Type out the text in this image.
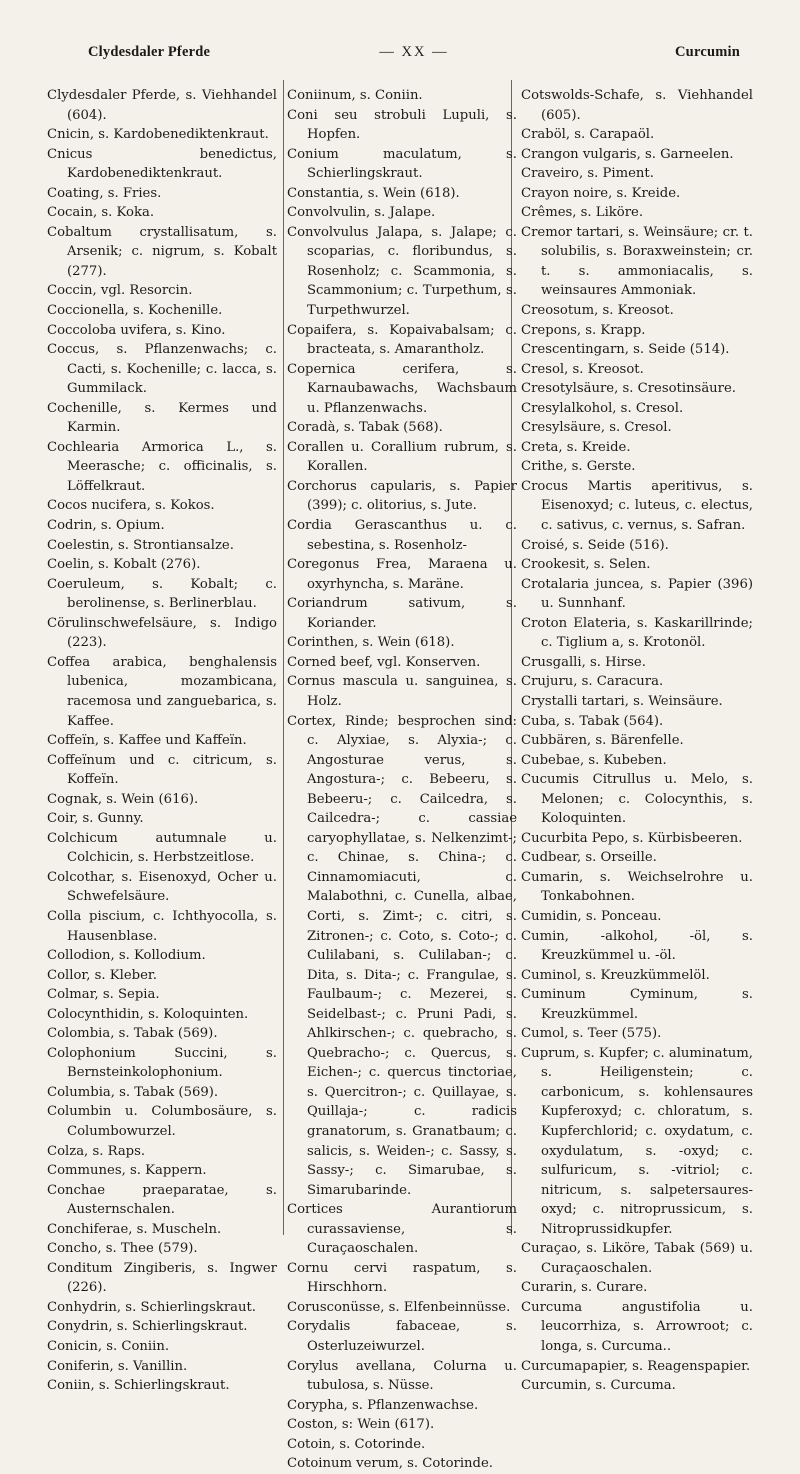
Clydesdaler Pferde	— XX —	Curcumin

Clydesdaler Pferde, s. Viehhandel (604).

Cnicin, s. Kardobenediktenkraut.

Cnicus benedictus, Kardobenediktenkraut.

Coating, s. Fries.

Cocain, s. Koka.

Cobaltum crystallisatum, s. Arsenik; c. nigrum, s. Kobalt (277).

Coccin, vgl. Resorcin.

Coccionella, s. Kochenille.

Coccoloba uvifera, s. Kino.

Coccus, s. Pflanzenwachs; c. Cacti, s. Kochenille; c. lacca, s. Gummilack.

Cochenille, s. Kermes und Karmin.

Cochlearia Armorica L., s. Meerasche; c. officinalis, s. Löffelkraut.

Cocos nucifera, s. Kokos.

Codrin, s. Opium.

Coelestin, s. Strontiansalze.

Coelin, s. Kobalt (276).

Coeruleum, s. Kobalt; c. berolinense, s. Berlinerblau.

Cörulinschwefelsäure, s. Indigo (223).

Coffea arabica, benghalensis lubenica, mozambicana, racemosa und zanguebarica, s. Kaffee.

Coffeïn, s. Kaffee und Kaffeïn.

Coffeïnum und c. citricum, s. Koffeïn.

Cognak, s. Wein (616).

Coir, s. Gunny.

Colchicum autumnale u. Colchicin, s. Herbstzeitlose.

Colcothar, s. Eisenoxyd, Ocher u. Schwefelsäure.

Colla piscium, c. Ichthyocolla, s. Hausenblase.

Collodion, s. Kollodium.

Collor, s. Kleber.

Colmar, s. Sepia.

Colocynthidin, s. Koloquinten.

Colombia, s. Tabak (569).

Colophonium Succini, s. Bernsteinkolophonium.

Columbia, s. Tabak (569).

Columbin u. Columbosäure, s. Columbowurzel.

Colza, s. Raps.

Communes, s. Kappern.

Conchae praeparatae, s. Austernschalen.

Conchiferae, s. Muscheln.

Concho, s. Thee (579).

Conditum Zingiberis, s. Ingwer (226).

Conhydrin, s. Schierlingskraut.

Conydrin, s. Schierlingskraut.

Conicin, s. Coniin.

Coniferin, s. Vanillin.

Coniin, s. Schierlingskraut.

Coniinum, s. Coniin.

Coni seu strobuli Lupuli, s. Hopfen.

Conium maculatum, s. Schierlingskraut.

Constantia, s. Wein (618).

Convolvulin, s. Jalape.

Convolvulus Jalapa, s. Jalape; c. scoparias, c. floribundus, s. Rosenholz; c. Scammonia, s. Scammonium; c. Turpethum, s. Turpethwurzel.

Copaifera, s. Kopaivabalsam; c. bracteata, s. Amarantholz.

Copernica cerifera, s. Karnaubawachs, Wachsbaum u. Pflanzenwachs.

Coradà, s. Tabak (568).

Corallen u. Corallium rubrum, s. Korallen.

Corchorus capularis, s. Papier (399); c. olitorius, s. Jute.

Cordia Gerascanthus u. c. sebestina, s. Rosenholz-

Coregonus Frea, Maraena u. oxyrhyncha, s. Maräne.

Coriandrum sativum, s. Koriander.

Corinthen, s. Wein (618).

Corned beef, vgl. Konserven.

Cornus mascula u. sanguinea, s. Holz.

Cortex, Rinde; besprochen sind: c. Alyxiae, s. Alyxia-; c. Angosturae verus, s. Angostura-; c. Bebeeru, s. Bebeeru-; c. Cailcedra, s. Cailcedra-; c. cassiae caryophyllatae, s. Nelkenzimt-; c. Chinae, s. China-; c. Cinnamomiacuti, c. Malabothni, c. Cunella, albae, Corti, s. Zimt-; c. citri, s. Zitronen-; c. Coto, s. Coto-; c. Culilabani, s. Culilaban-; c. Dita, s. Dita-; c. Frangulae, s. Faulbaum-; c. Mezerei, s. Seidelbast-; c. Pruni Padi, s. Ahlkirschen-; c. quebracho, s. Quebracho-; c. Quercus, s. Eichen-; c. quercus tinctoriae, s. Quercitron-; c. Quillayae, s. Quillaja-; c. radicis granatorum, s. Granatbaum; c. salicis, s. Weiden-; c. Sassy, s. Sassy-; c. Simarubae, s. Simarubarinde.

Cortices Aurantiorum curassaviense, s. Curaçaoschalen.

Cornu cervi raspatum, s. Hirschhorn.

Corusconüsse, s. Elfenbeinnüsse.

Corydalis fabaceae, s. Osterluzeiwurzel.

Corylus avellana, Colurna u. tubulosa, s. Nüsse.

Corypha, s. Pflanzenwachse.

Coston, s: Wein (617).

Cotoin, s. Cotorinde.

Cotoinum verum, s. Cotorinde.

Cotswolds-Schafe, s. Viehhandel (605).

Craböl, s. Carapaöl.

Crangon vulgaris, s. Garneelen.

Craveiro, s. Piment.

Crayon noire, s. Kreide.

Crêmes, s. Liköre.

Cremor tartari, s. Weinsäure; cr. t. solubilis, s. Boraxweinstein; cr. t. s. ammoniacalis, s. weinsaures Ammoniak.

Creosotum, s. Kreosot.

Crepons, s. Krapp.

Crescentingarn, s. Seide (514).

Cresol, s. Kreosot.

Cresotylsäure, s. Cresotinsäure.

Cresylalkohol, s. Cresol.

Cresylsäure, s. Cresol.

Creta, s. Kreide.

Crithe, s. Gerste.

Crocus Martis aperitivus, s. Eisenoxyd; c. luteus, c. electus, c. sativus, c. vernus, s. Safran.

Croisé, s. Seide (516).

Crookesit, s. Selen.

Crotalaria juncea, s. Papier (396) u. Sunnhanf.

Croton Elateria, s. Kaskarillrinde; c. Tiglium a, s. Krotonöl.

Crusgalli, s. Hirse.

Crujuru, s. Caracura.

Crystalli tartari, s. Weinsäure.

Cuba, s. Tabak (564).

Cubbären, s. Bärenfelle.

Cubebae, s. Kubeben.

Cucumis Citrullus u. Melo, s. Melonen; c. Colocynthis, s. Koloquinten.

Cucurbita Pepo, s. Kürbisbeeren.

Cudbear, s. Orseille.

Cumarin, s. Weichselrohre u. Tonkabohnen.

Cumidin, s. Ponceau.

Cumin, -alkohol, -öl, s. Kreuzkümmel u. -öl.

Cuminol, s. Kreuzkümmelöl.

Cuminum Cyminum, s. Kreuzkümmel.

Cumol, s. Teer (575).

Cuprum, s. Kupfer; c. aluminatum, s. Heiligenstein; c. carbonicum, s. kohlensaures Kupferoxyd; c. chloratum, s. Kupferchlorid; c. oxydatum, c. oxydulatum, s. -oxyd; c. sulfuricum, s. -vitriol; c. nitricum, s. salpetersaures-oxyd; c. nitroprussicum, s. Nitroprussidkupfer.

Curaçao, s. Liköre, Tabak (569) u. Curaçaoschalen.

Curarin, s. Curare.

Curcuma angustifolia u. leucorrhiza, s. Arrowroot; c. longa, s. Curcuma..

Curcumapapier, s. Reagenspapier.

Curcumin, s. Curcuma.
